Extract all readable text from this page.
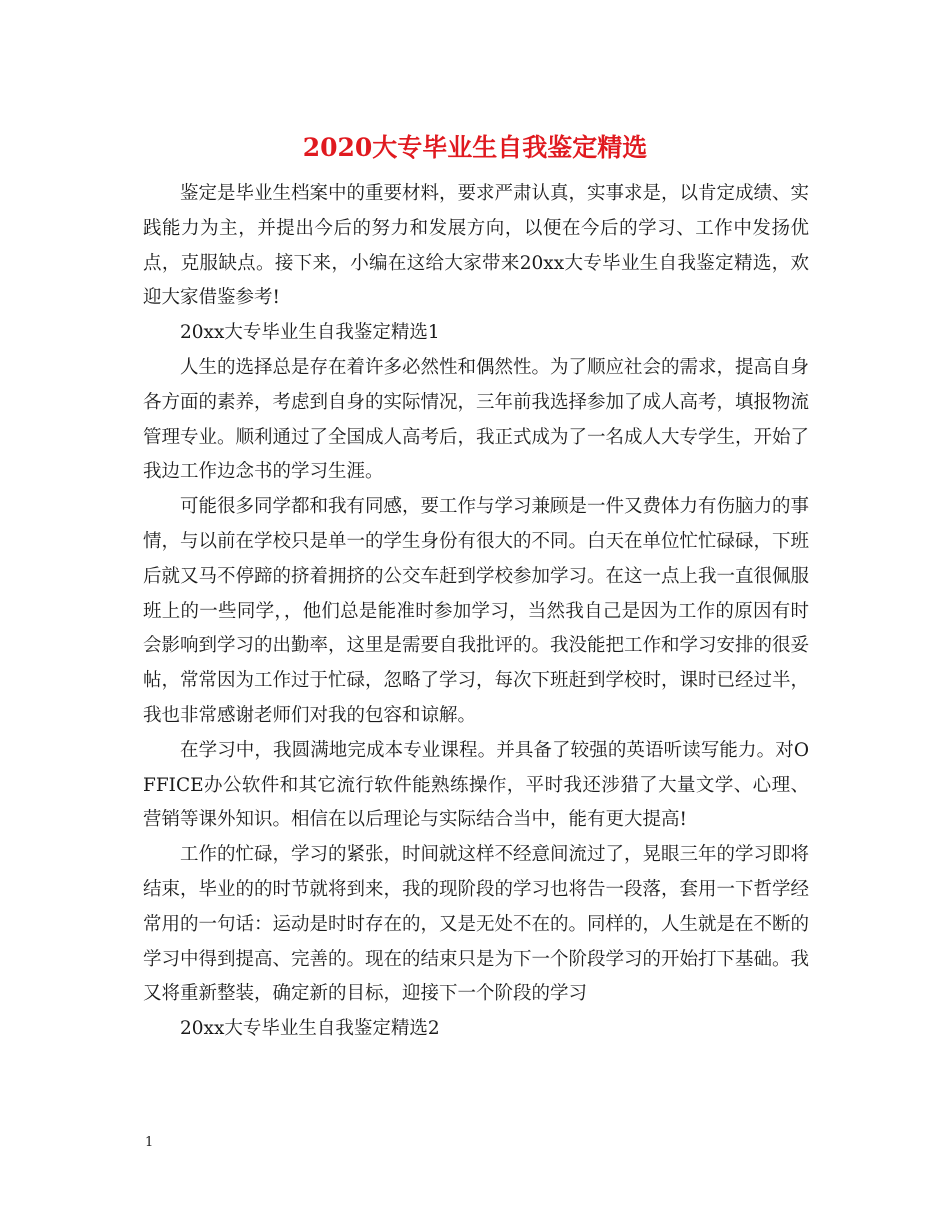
2020大专毕业生自我鉴定精选

鉴定是毕业生档案中的重要材料，要求严肃认真，实事求是，以肯定成绩、实践能力为主，并提出今后的努力和发展方向，以便在今后的学习、工作中发扬优点，克服缺点。接下来，小编在这给大家带来20xx大专毕业生自我鉴定精选，欢迎大家借鉴参考!

20xx大专毕业生自我鉴定精选1

人生的选择总是存在着许多必然性和偶然性。为了顺应社会的需求，提高自身各方面的素养，考虑到自身的实际情况，三年前我选择参加了成人高考，填报物流管理专业。顺利通过了全国成人高考后，我正式成为了一名成人大专学生，开始了我边工作边念书的学习生涯。

可能很多同学都和我有同感，要工作与学习兼顾是一件又费体力有伤脑力的事情，与以前在学校只是单一的学生身份有很大的不同。白天在单位忙忙碌碌，下班后就又马不停蹄的挤着拥挤的公交车赶到学校参加学习。在这一点上我一直很佩服班上的一些同学，，他们总是能准时参加学习，当然我自己是因为工作的原因有时会影响到学习的出勤率，这里是需要自我批评的。我没能把工作和学习安排的很妥帖，常常因为工作过于忙碌，忽略了学习，每次下班赶到学校时，课时已经过半，我也非常感谢老师们对我的包容和谅解。

在学习中，我圆满地完成本专业课程。并具备了较强的英语听读写能力。对OFFICE办公软件和其它流行软件能熟练操作，平时我还涉猎了大量文学、心理、营销等课外知识。相信在以后理论与实际结合当中，能有更大提高!

工作的忙碌，学习的紧张，时间就这样不经意间流过了，晃眼三年的学习即将结束，毕业的的时节就将到来，我的现阶段的学习也将告一段落，套用一下哲学经常用的一句话：运动是时时存在的，又是无处不在的。同样的，人生就是在不断的学习中得到提高、完善的。现在的结束只是为下一个阶段学习的开始打下基础。我又将重新整装，确定新的目标，迎接下一个阶段的学习

20xx大专毕业生自我鉴定精选2

1
